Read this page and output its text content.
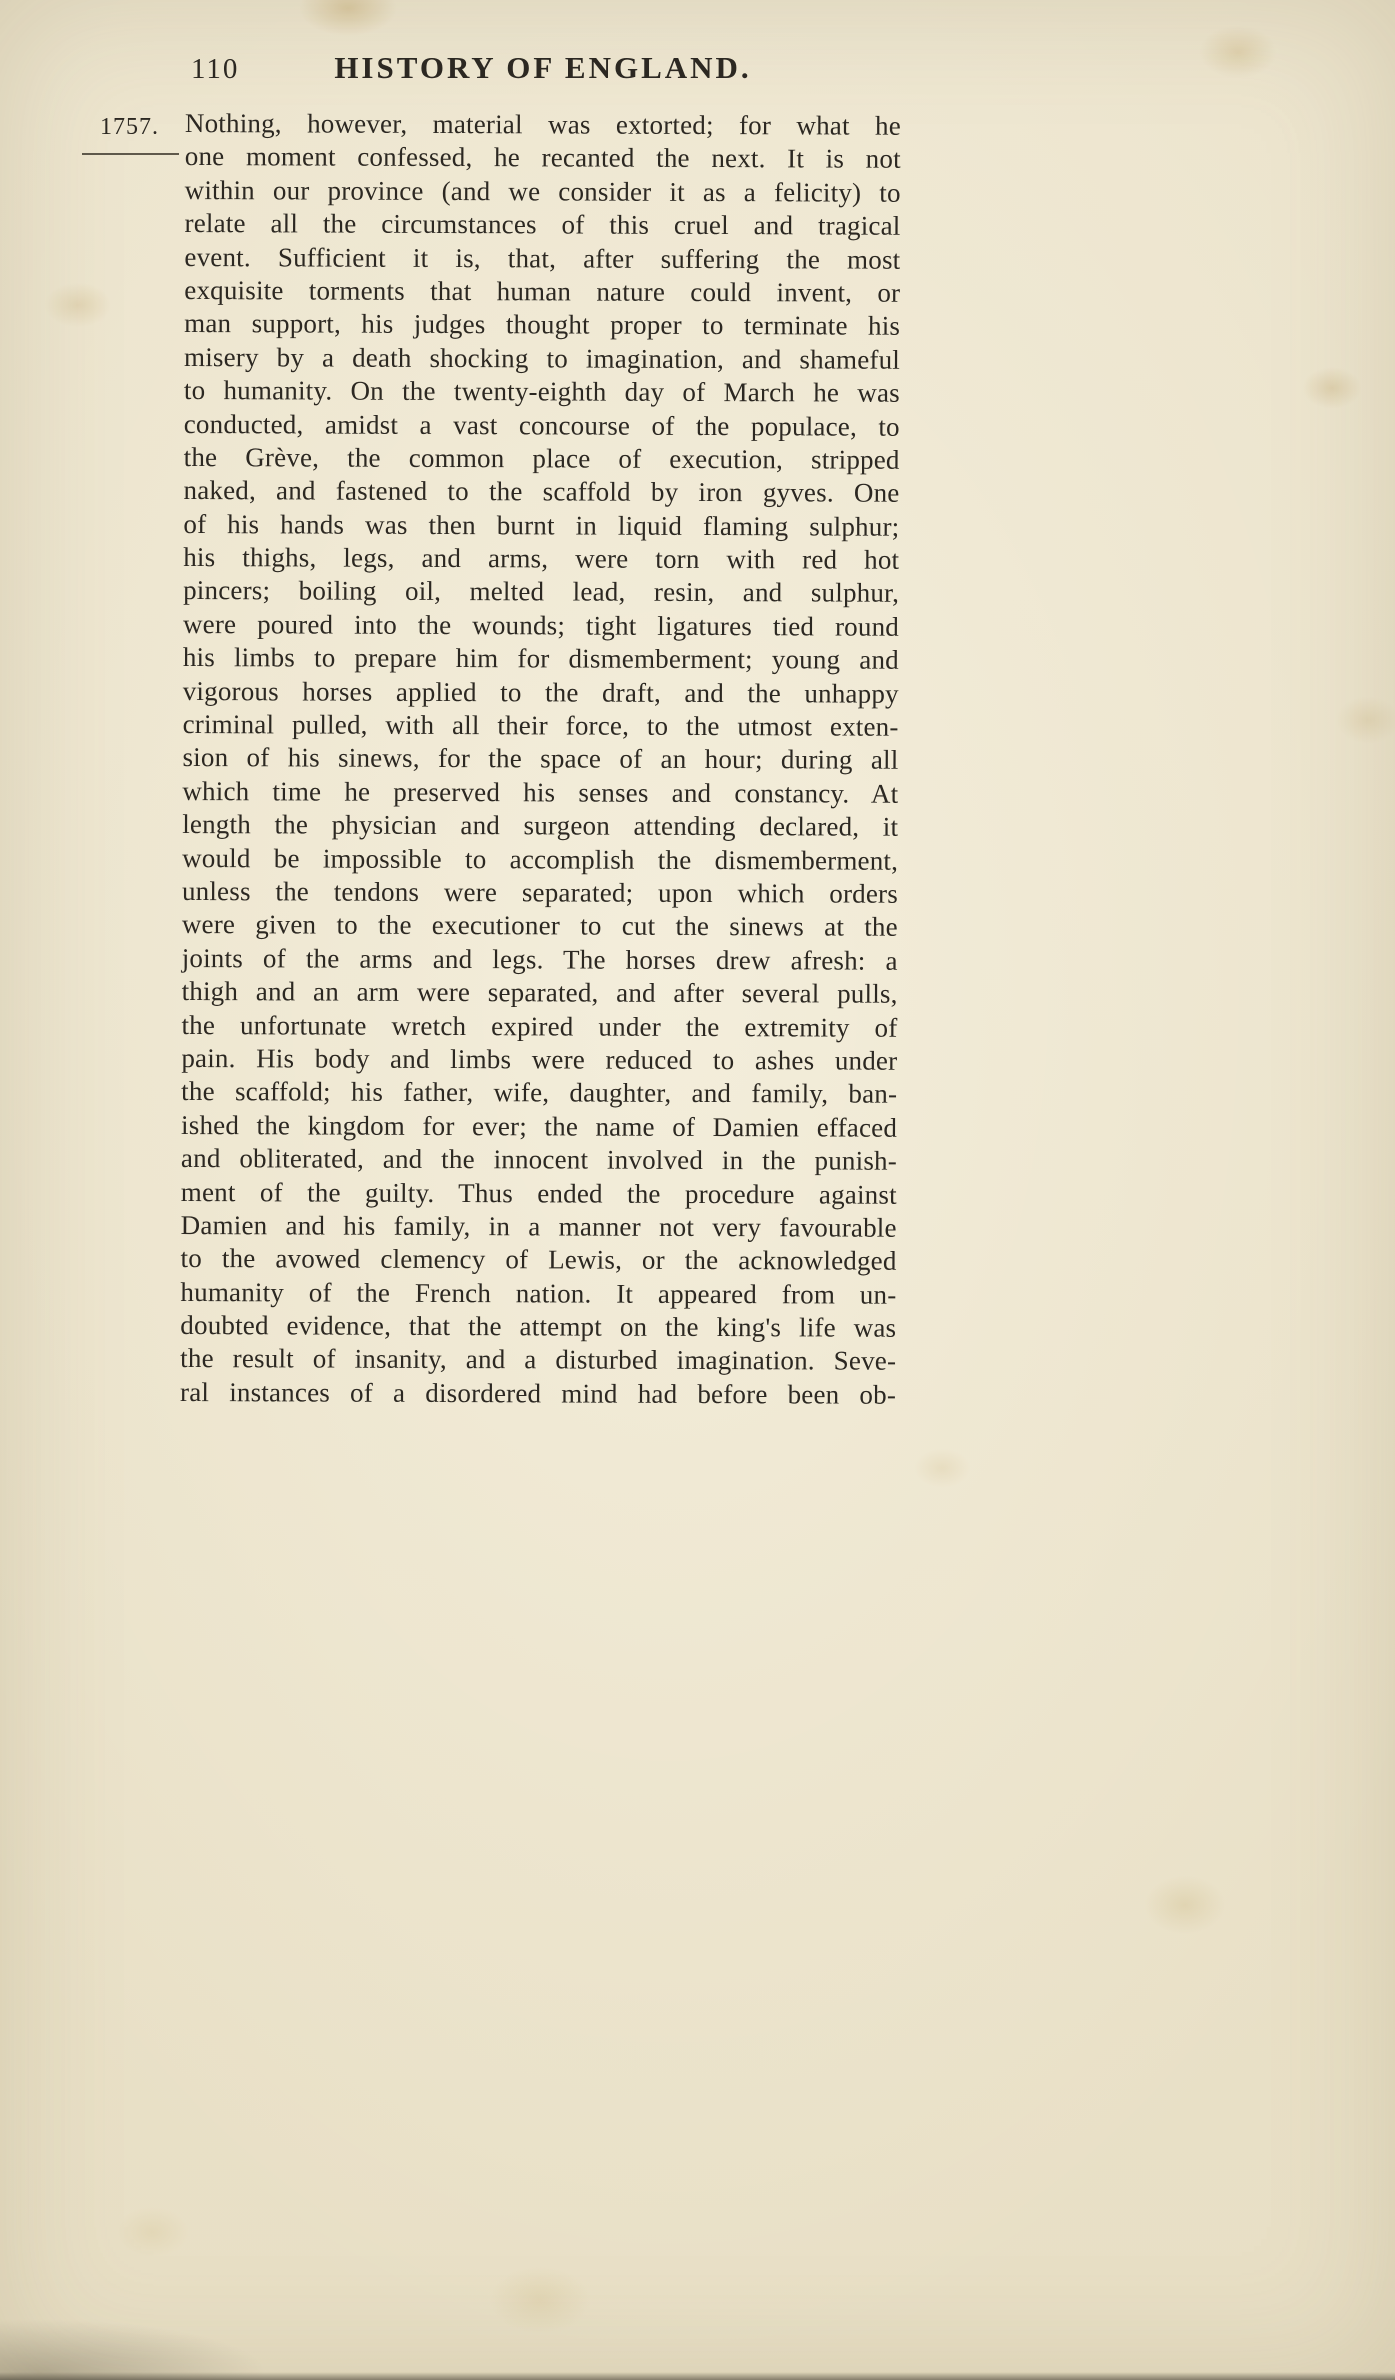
110	HISTORY OF ENGLAND.
1757. Nothing, however, material was extorted; for what he
one moment confessed, he recanted the next. It is not
within our province (and we consider it as a felicity) to
relate all the circumstances of this cruel and tragical
event. Sufficient it is, that, after suffering the most
exquisite torments that human nature could invent, or
man support, his judges thought proper to terminate his
misery by a death shocking to imagination, and shameful
to humanity. On the twenty-eighth day of March he was
conducted, amidst a vast concourse of the populace, to
the Grève, the common place of execution, stripped
naked, and fastened to the scaffold by iron gyves. One
of his hands was then burnt in liquid flaming sulphur;
his thighs, legs, and arms, were torn with red hot
pincers; boiling oil, melted lead, resin, and sulphur,
were poured into the wounds; tight ligatures tied round
his limbs to prepare him for dismemberment; young and
vigorous horses applied to the draft, and the unhappy
criminal pulled, with all their force, to the utmost exten-
sion of his sinews, for the space of an hour; during all
which time he preserved his senses and constancy. At
length the physician and surgeon attending declared, it
would be impossible to accomplish the dismemberment,
unless the tendons were separated; upon which orders
were given to the executioner to cut the sinews at the
joints of the arms and legs. The horses drew afresh: a
thigh and an arm were separated, and after several pulls,
the unfortunate wretch expired under the extremity of
pain. His body and limbs were reduced to ashes under
the scaffold; his father, wife, daughter, and family, ban-
ished the kingdom for ever; the name of Damien effaced
and obliterated, and the innocent involved in the punish-
ment of the guilty. Thus ended the procedure against
Damien and his family, in a manner not very favourable
to the avowed clemency of Lewis, or the acknowledged
humanity of the French nation. It appeared from un-
doubted evidence, that the attempt on the king's life was
the result of insanity, and a disturbed imagination. Seve-
ral instances of a disordered mind had before been ob-
